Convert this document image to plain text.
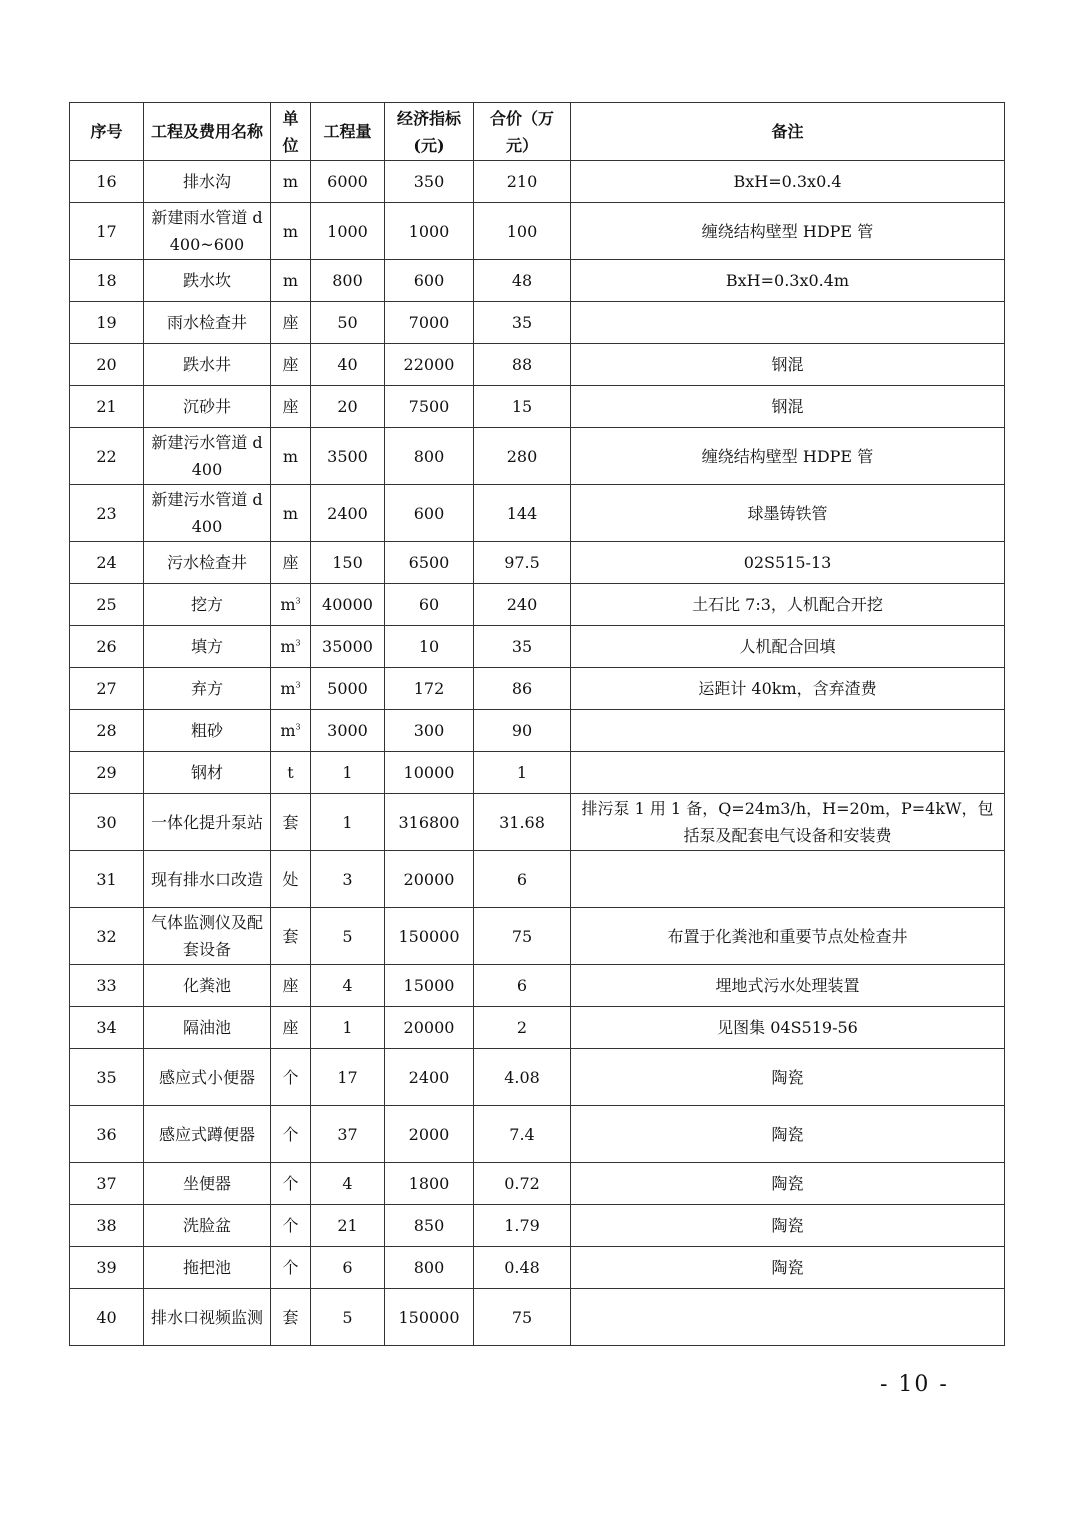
序号	工程及费用名称	单位	工程量	经济指标(元)	合价（万元）	备注
16	排水沟	m	6000	350	210	BxH=0.3x0.4
17	新建雨水管道 d400~600	m	1000	1000	100	缠绕结构壁型 HDPE 管
18	跌水坎	m	800	600	48	BxH=0.3x0.4m
19	雨水检查井	座	50	7000	35	
20	跌水井	座	40	22000	88	钢混
21	沉砂井	座	20	7500	15	钢混
22	新建污水管道 d400	m	3500	800	280	缠绕结构壁型 HDPE 管
23	新建污水管道 d400	m	2400	600	144	球墨铸铁管
24	污水检查井	座	150	6500	97.5	02S515-13
25	挖方	$m^3$	40000	60	240	土石比 7:3，人机配合开挖
26	填方	$m^3$	35000	10	35	人机配合回填
27	弃方	$m^3$	5000	172	86	运距计 40km，含弃渣费
28	粗砂	$m^3$	3000	300	90	
29	钢材	t	1	10000	1	
30	一体化提升泵站	套	1	316800	31.68	排污泵 1 用 1 备，Q=24m3/h，H=20m，P=4kW，包括泵及配套电气设备和安装费
31	现有排水口改造	处	3	20000	6	
32	气体监测仪及配套设备	套	5	150000	75	布置于化粪池和重要节点处检查井
33	化粪池	座	4	15000	6	埋地式污水处理装置
34	隔油池	座	1	20000	2	见图集 04S519-56
35	感应式小便器	个	17	2400	4.08	陶瓷
36	感应式蹲便器	个	37	2000	7.4	陶瓷
37	坐便器	个	4	1800	0.72	陶瓷
38	洗脸盆	个	21	850	1.79	陶瓷
39	拖把池	个	6	800	0.48	陶瓷
40	排水口视频监测	套	5	150000	75	
- 10 -
